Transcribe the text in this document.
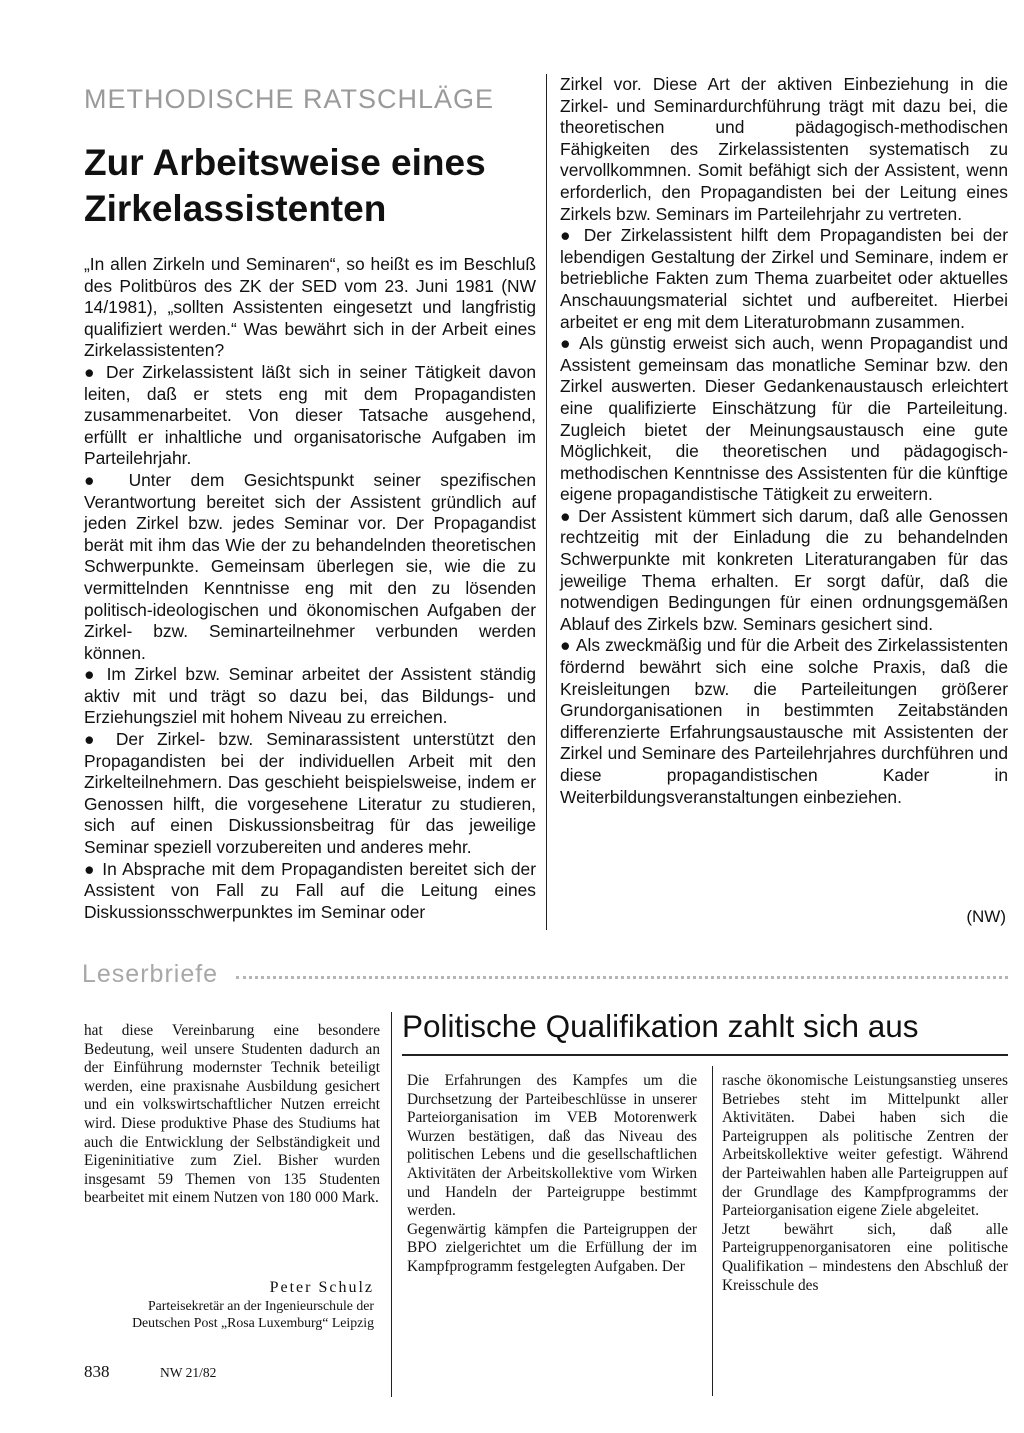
METHODISCHE RATSCHLÄGE
Zur Arbeitsweise eines Zirkelassistenten

„In allen Zirkeln und Seminaren“, so heißt es im Beschluß des Politbüros des ZK der SED vom 23. Juni 1981 (NW 14/1981), „sollten Assistenten eingesetzt und langfristig qualifiziert werden.“ Was bewährt sich in der Arbeit eines Zirkelassistenten?

● Der Zirkelassistent läßt sich in seiner Tätigkeit davon leiten, daß er stets eng mit dem Propagandisten zusammenarbeitet. Von dieser Tatsache ausgehend, erfüllt er inhaltliche und organisatorische Aufgaben im Parteilehrjahr.

● Unter dem Gesichtspunkt seiner spezifischen Verantwortung bereitet sich der Assistent gründlich auf jeden Zirkel bzw. jedes Seminar vor. Der Propagandist berät mit ihm das Wie der zu behandelnden theoretischen Schwerpunkte. Gemeinsam überlegen sie, wie die zu vermittelnden Kenntnisse eng mit den zu lösenden politisch-ideologischen und ökonomischen Aufgaben der Zirkel- bzw. Seminarteilnehmer verbunden werden können.

● Im Zirkel bzw. Seminar arbeitet der Assistent ständig aktiv mit und trägt so dazu bei, das Bildungs- und Erziehungsziel mit hohem Niveau zu erreichen.

● Der Zirkel- bzw. Seminarassistent unterstützt den Propagandisten bei der individuellen Arbeit mit den Zirkelteilnehmern. Das geschieht beispielsweise, indem er Genossen hilft, die vorgesehene Literatur zu studieren, sich auf einen Diskussionsbeitrag für das jeweilige Seminar speziell vorzubereiten und anderes mehr.

● In Absprache mit dem Propagandisten bereitet sich der Assistent von Fall zu Fall auf die Leitung eines Diskussionsschwerpunktes im Seminar oder

Zirkel vor. Diese Art der aktiven Einbeziehung in die Zirkel- und Seminardurchführung trägt mit dazu bei, die theoretischen und pädagogisch-methodischen Fähigkeiten des Zirkelassistenten systematisch zu vervollkommnen. Somit befähigt sich der Assistent, wenn erforderlich, den Propagandisten bei der Leitung eines Zirkels bzw. Seminars im Parteilehrjahr zu vertreten.

● Der Zirkelassistent hilft dem Propagandisten bei der lebendigen Gestaltung der Zirkel und Seminare, indem er betriebliche Fakten zum Thema zuarbeitet oder aktuelles Anschauungsmaterial sichtet und aufbereitet. Hierbei arbeitet er eng mit dem Literaturobmann zusammen.

● Als günstig erweist sich auch, wenn Propagandist und Assistent gemeinsam das monatliche Seminar bzw. den Zirkel auswerten. Dieser Gedankenaustausch erleichtert eine qualifizierte Einschätzung für die Parteileitung. Zugleich bietet der Meinungsaustausch eine gute Möglichkeit, die theoretischen und pädagogisch-methodischen Kenntnisse des Assistenten für die künftige eigene propagandistische Tätigkeit zu erweitern.

● Der Assistent kümmert sich darum, daß alle Genossen rechtzeitig mit der Einladung die zu behandelnden Schwerpunkte mit konkreten Literaturangaben für das jeweilige Thema erhalten. Er sorgt dafür, daß die notwendigen Bedingungen für einen ordnungsgemäßen Ablauf des Zirkels bzw. Seminars gesichert sind.

● Als zweckmäßig und für die Arbeit des Zirkelassistenten fördernd bewährt sich eine solche Praxis, daß die Kreisleitungen bzw. die Parteileitungen größerer Grundorganisationen in bestimmten Zeitabständen differenzierte Erfahrungsaustausche mit Assistenten der Zirkel und Seminare des Parteilehrjahres durchführen und diese propagandistischen Kader in Weiterbildungsveranstaltungen einbeziehen.

(NW)
Leserbriefe

hat diese Vereinbarung eine besondere Bedeutung, weil unsere Studenten dadurch an der Einführung modernster Technik beteiligt werden, eine praxisnahe Ausbildung gesichert und ein volkswirtschaftlicher Nutzen erreicht wird. Diese produktive Phase des Studiums hat auch die Entwicklung der Selbständigkeit und Eigeninitiative zum Ziel. Bisher wurden insgesamt 59 Themen von 135 Studenten bearbeitet mit einem Nutzen von 180 000 Mark.

Peter Schulz
Parteisekretär an der Ingenieurschule der Deutschen Post „Rosa Luxemburg“ Leipzig
Politische Qualifikation zahlt sich aus

Die Erfahrungen des Kampfes um die Durchsetzung der Parteibeschlüsse in unserer Parteiorganisation im VEB Motorenwerk Wurzen bestätigen, daß das Niveau des politischen Lebens und die gesellschaftlichen Aktivitäten der Arbeitskollektive vom Wirken und Handeln der Parteigruppe bestimmt werden.

Gegenwärtig kämpfen die Parteigruppen der BPO zielgerichtet um die Erfüllung der im Kampfprogramm festgelegten Aufgaben. Der

rasche ökonomische Leistungsanstieg unseres Betriebes steht im Mittelpunkt aller Aktivitäten. Dabei haben sich die Parteigruppen als politische Zentren der Arbeitskollektive weiter gefestigt. Während der Parteiwahlen haben alle Parteigruppen auf der Grundlage des Kampfprogramms der Parteiorganisation eigene Ziele abgeleitet.

Jetzt bewährt sich, daß alle Parteigruppenorganisatoren eine politische Qualifikation – mindestens den Abschluß der Kreisschule des

838	NW 21/82
